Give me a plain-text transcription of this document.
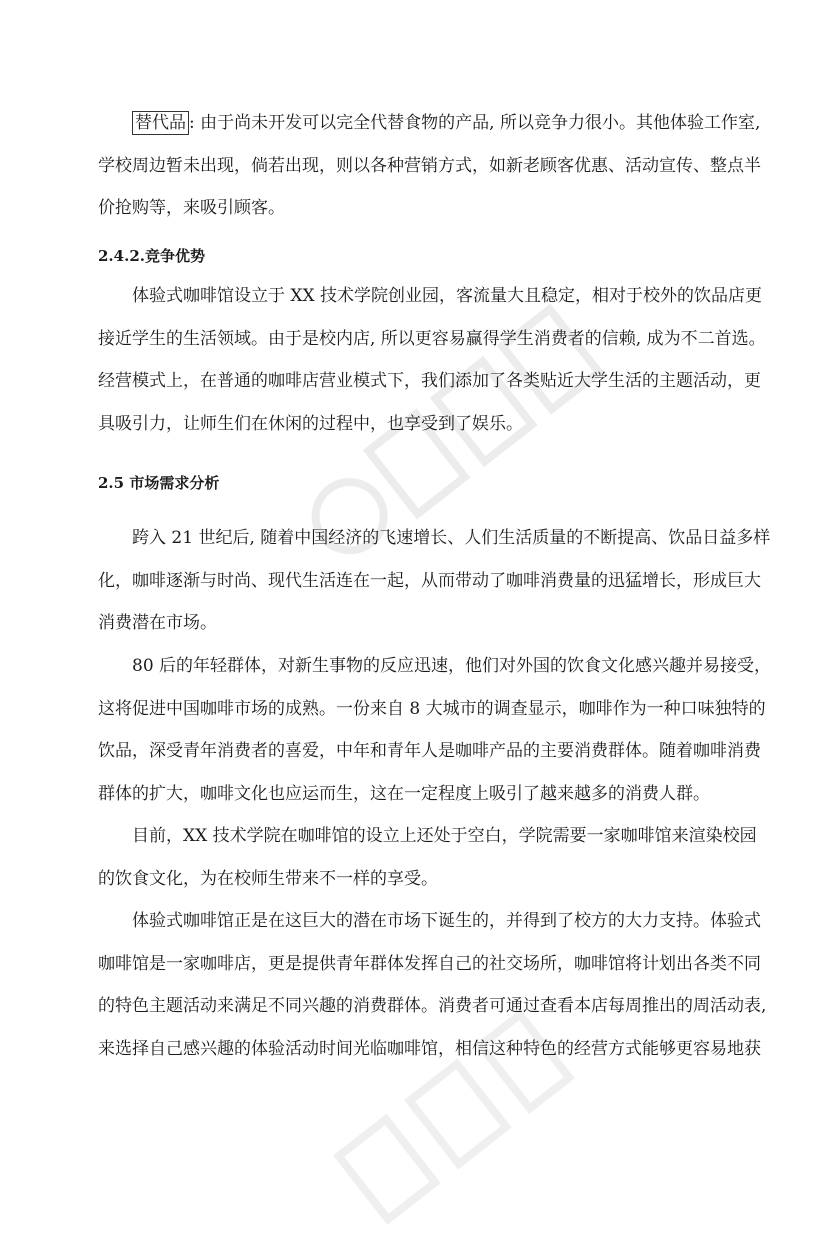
替代品 : 由于尚未开发可以完全代替食物的产品, 所以竞争力很小。其他体验工作室,
学校周边暂未出现，倘若出现，则以各种营销方式，如新老顾客优惠、活动宣传、整点半
价抢购等，来吸引顾客。
2.4.2.竞争优势
体验式咖啡馆设立于 XX 技术学院创业园，客流量大且稳定，相对于校外的饮品店更
接近学生的生活领域。由于是校内店, 所以更容易赢得学生消费者的信赖, 成为不二首选。
经营模式上，在普通的咖啡店营业模式下，我们添加了各类贴近大学生活的主题活动，更
具吸引力，让师生们在休闲的过程中，也享受到了娱乐。
2.5 市场需求分析
跨入 21 世纪后, 随着中国经济的飞速增长、人们生活质量的不断提高、饮品日益多样
化，咖啡逐渐与时尚、现代生活连在一起，从而带动了咖啡消费量的迅猛增长，形成巨大
消费潜在市场。
80 后的年轻群体，对新生事物的反应迅速，他们对外国的饮食文化感兴趣并易接受，
这将促进中国咖啡市场的成熟。一份来自 8 大城市的调查显示，咖啡作为一种口味独特的
饮品，深受青年消费者的喜爱，中年和青年人是咖啡产品的主要消费群体。随着咖啡消费
群体的扩大，咖啡文化也应运而生，这在一定程度上吸引了越来越多的消费人群。
目前，XX 技术学院在咖啡馆的设立上还处于空白，学院需要一家咖啡馆来渲染校园
的饮食文化，为在校师生带来不一样的享受。
体验式咖啡馆正是在这巨大的潜在市场下诞生的，并得到了校方的大力支持。体验式
咖啡馆是一家咖啡店，更是提供青年群体发挥自己的社交场所，咖啡馆将计划出各类不同
的特色主题活动来满足不同兴趣的消费群体。消费者可通过查看本店每周推出的周活动表,
来选择自己感兴趣的体验活动时间光临咖啡馆，相信这种特色的经营方式能够更容易地获
